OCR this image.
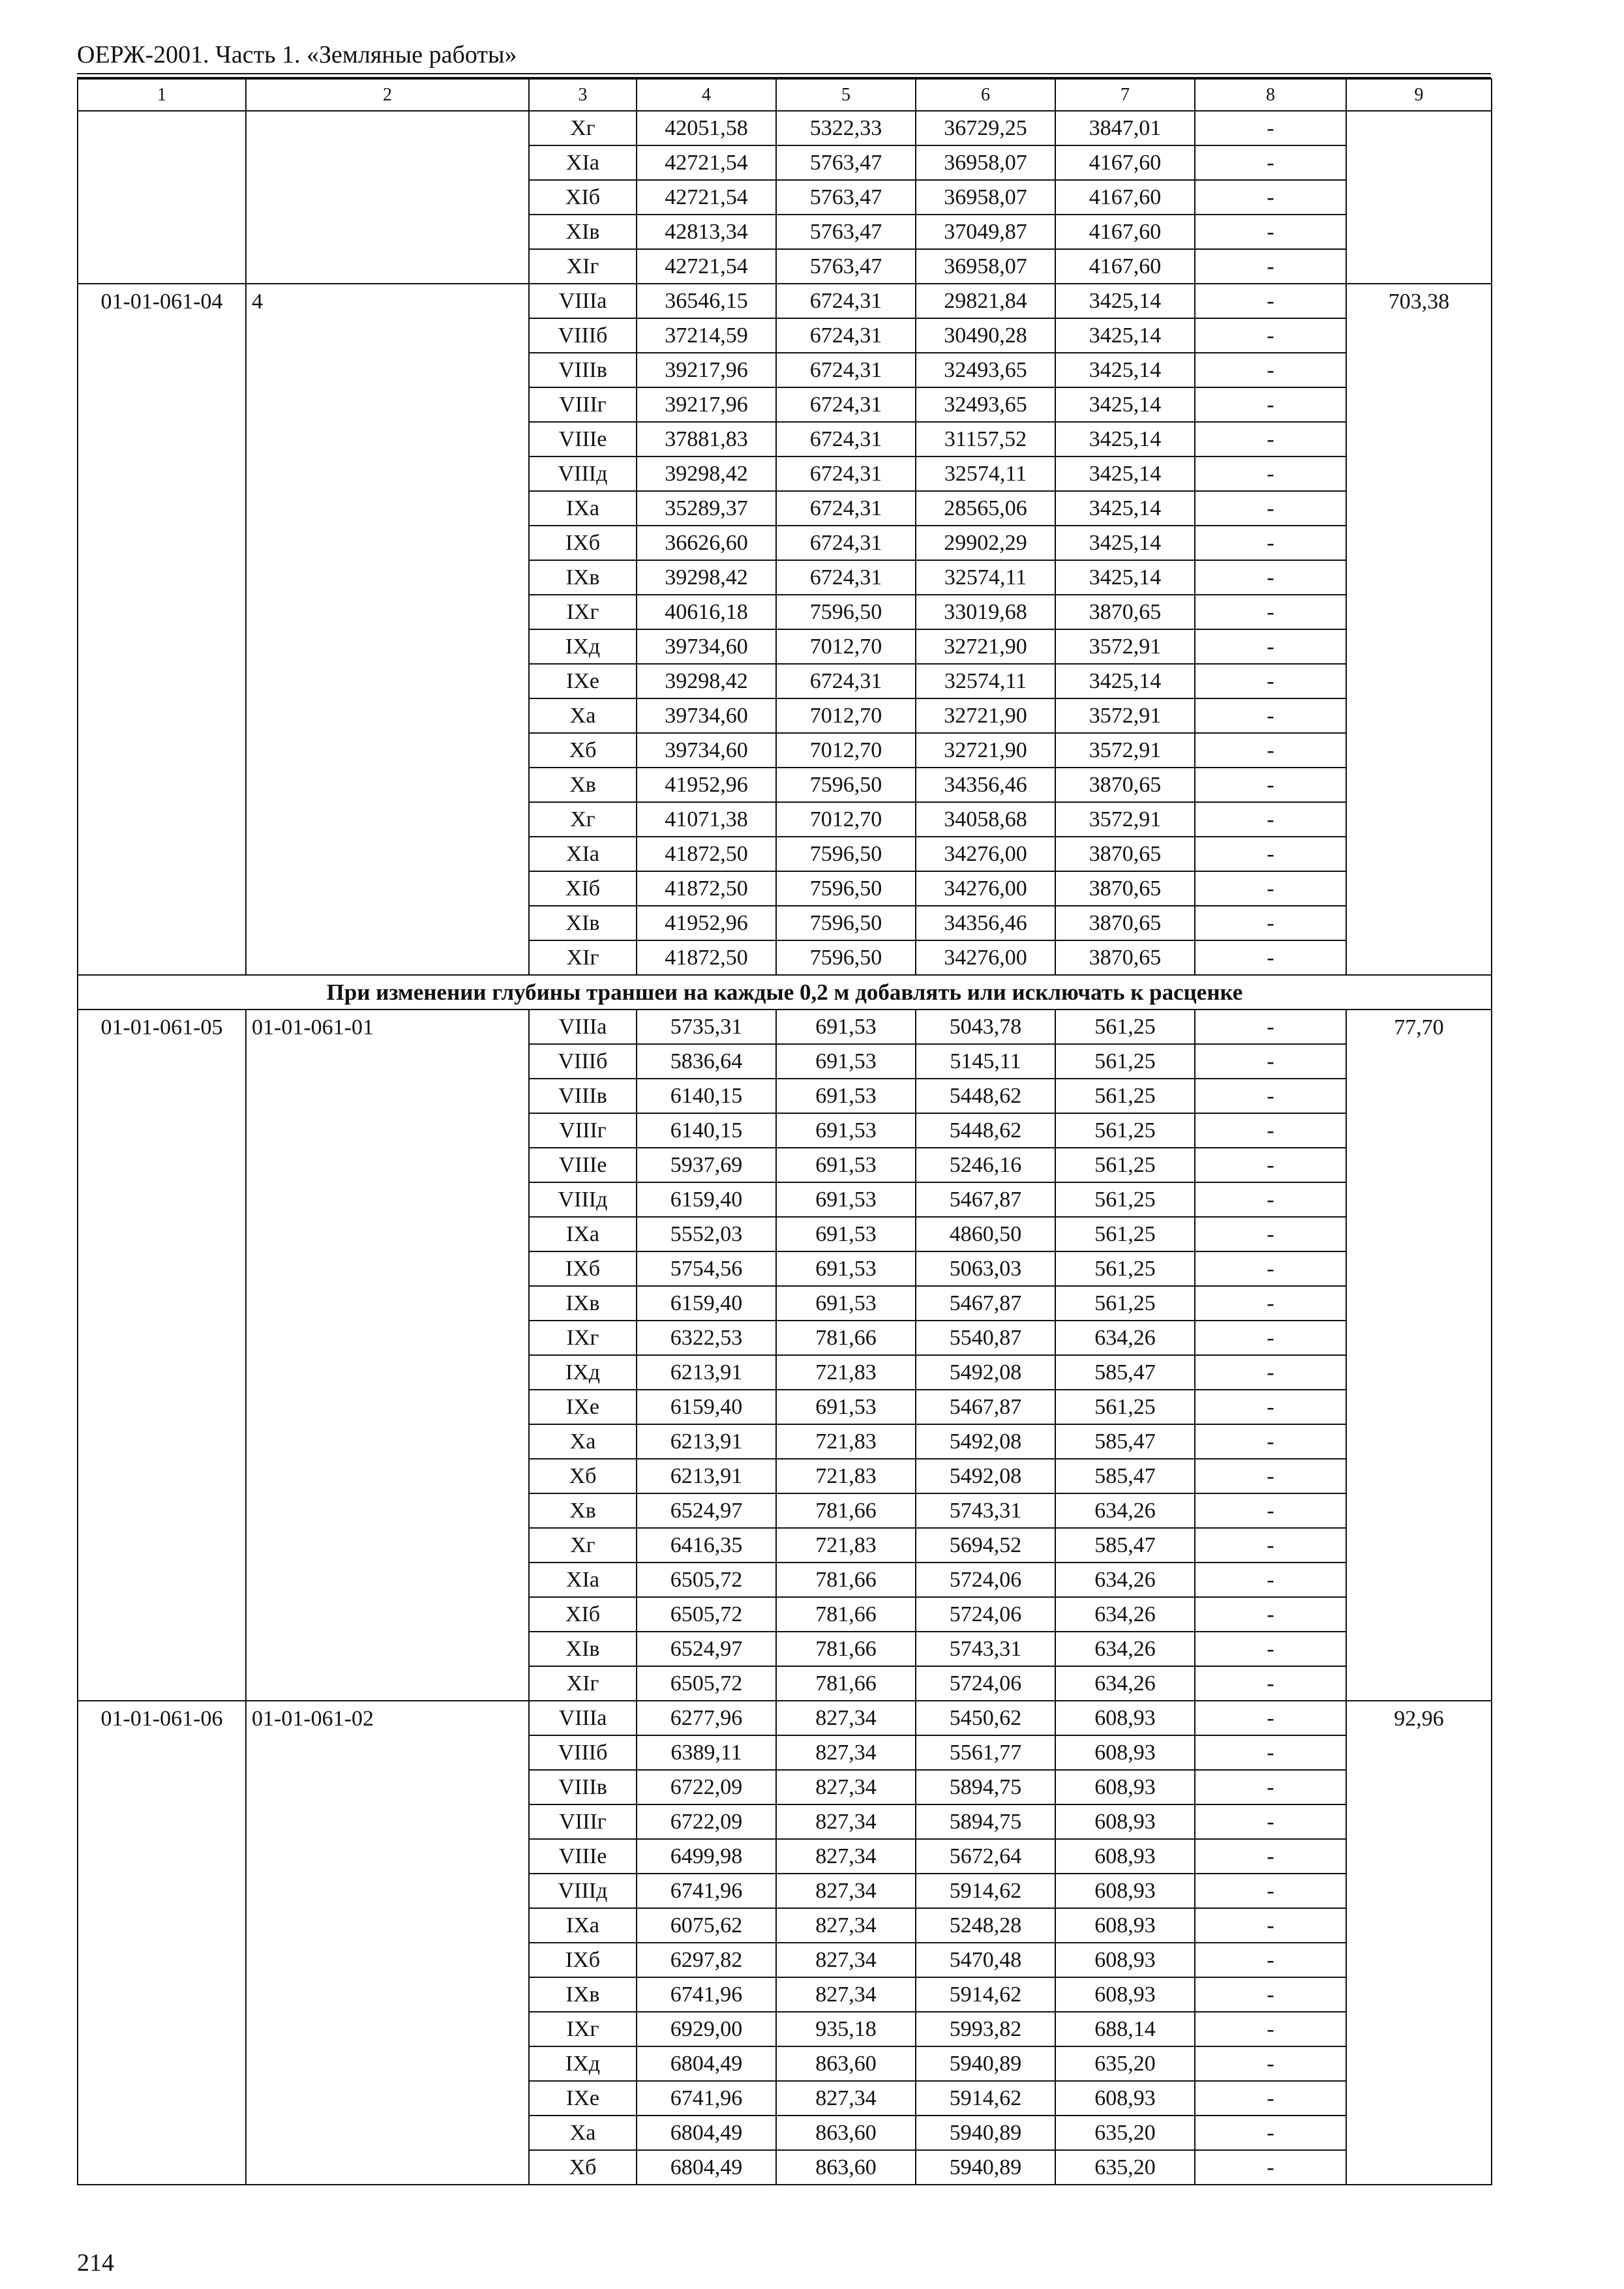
ОЕРЖ-2001. Часть 1. «Земляные работы»
1	2	3	4	5	6	7	8	9
		Xг	42051,58	5322,33	36729,25	3847,01	-	
		XIа	42721,54	5763,47	36958,07	4167,60	-	
		XIб	42721,54	5763,47	36958,07	4167,60	-	
		XIв	42813,34	5763,47	37049,87	4167,60	-	
		XIг	42721,54	5763,47	36958,07	4167,60	-	
01-01-061-04	4	VIIIа	36546,15	6724,31	29821,84	3425,14	-	703,38
		VIIIб	37214,59	6724,31	30490,28	3425,14	-	
		VIIIв	39217,96	6724,31	32493,65	3425,14	-	
		VIIIг	39217,96	6724,31	32493,65	3425,14	-	
		VIIIе	37881,83	6724,31	31157,52	3425,14	-	
		VIIIд	39298,42	6724,31	32574,11	3425,14	-	
		IXа	35289,37	6724,31	28565,06	3425,14	-	
		IXб	36626,60	6724,31	29902,29	3425,14	-	
		IXв	39298,42	6724,31	32574,11	3425,14	-	
		IXг	40616,18	7596,50	33019,68	3870,65	-	
		IXд	39734,60	7012,70	32721,90	3572,91	-	
		IXе	39298,42	6724,31	32574,11	3425,14	-	
		Xа	39734,60	7012,70	32721,90	3572,91	-	
		Xб	39734,60	7012,70	32721,90	3572,91	-	
		Xв	41952,96	7596,50	34356,46	3870,65	-	
		Xг	41071,38	7012,70	34058,68	3572,91	-	
		XIа	41872,50	7596,50	34276,00	3870,65	-	
		XIб	41872,50	7596,50	34276,00	3870,65	-	
		XIв	41952,96	7596,50	34356,46	3870,65	-	
		XIг	41872,50	7596,50	34276,00	3870,65	-	
При изменении глубины траншеи на каждые 0,2 м добавлять или исключать к расценке								
01-01-061-05	01-01-061-01	VIIIа	5735,31	691,53	5043,78	561,25	-	77,70
		VIIIб	5836,64	691,53	5145,11	561,25	-	
		VIIIв	6140,15	691,53	5448,62	561,25	-	
		VIIIг	6140,15	691,53	5448,62	561,25	-	
		VIIIе	5937,69	691,53	5246,16	561,25	-	
		VIIIд	6159,40	691,53	5467,87	561,25	-	
		IXа	5552,03	691,53	4860,50	561,25	-	
		IXб	5754,56	691,53	5063,03	561,25	-	
		IXв	6159,40	691,53	5467,87	561,25	-	
		IXг	6322,53	781,66	5540,87	634,26	-	
		IXд	6213,91	721,83	5492,08	585,47	-	
		IXе	6159,40	691,53	5467,87	561,25	-	
		Xа	6213,91	721,83	5492,08	585,47	-	
		Xб	6213,91	721,83	5492,08	585,47	-	
		Xв	6524,97	781,66	5743,31	634,26	-	
		Xг	6416,35	721,83	5694,52	585,47	-	
		XIа	6505,72	781,66	5724,06	634,26	-	
		XIб	6505,72	781,66	5724,06	634,26	-	
		XIв	6524,97	781,66	5743,31	634,26	-	
		XIг	6505,72	781,66	5724,06	634,26	-	
01-01-061-06	01-01-061-02	VIIIа	6277,96	827,34	5450,62	608,93	-	92,96
		VIIIб	6389,11	827,34	5561,77	608,93	-	
		VIIIв	6722,09	827,34	5894,75	608,93	-	
		VIIIг	6722,09	827,34	5894,75	608,93	-	
		VIIIе	6499,98	827,34	5672,64	608,93	-	
		VIIIд	6741,96	827,34	5914,62	608,93	-	
		IXа	6075,62	827,34	5248,28	608,93	-	
		IXб	6297,82	827,34	5470,48	608,93	-	
		IXв	6741,96	827,34	5914,62	608,93	-	
		IXг	6929,00	935,18	5993,82	688,14	-	
		IXд	6804,49	863,60	5940,89	635,20	-	
		IXе	6741,96	827,34	5914,62	608,93	-	
		Xа	6804,49	863,60	5940,89	635,20	-	
		Xб	6804,49	863,60	5940,89	635,20	-	
214
